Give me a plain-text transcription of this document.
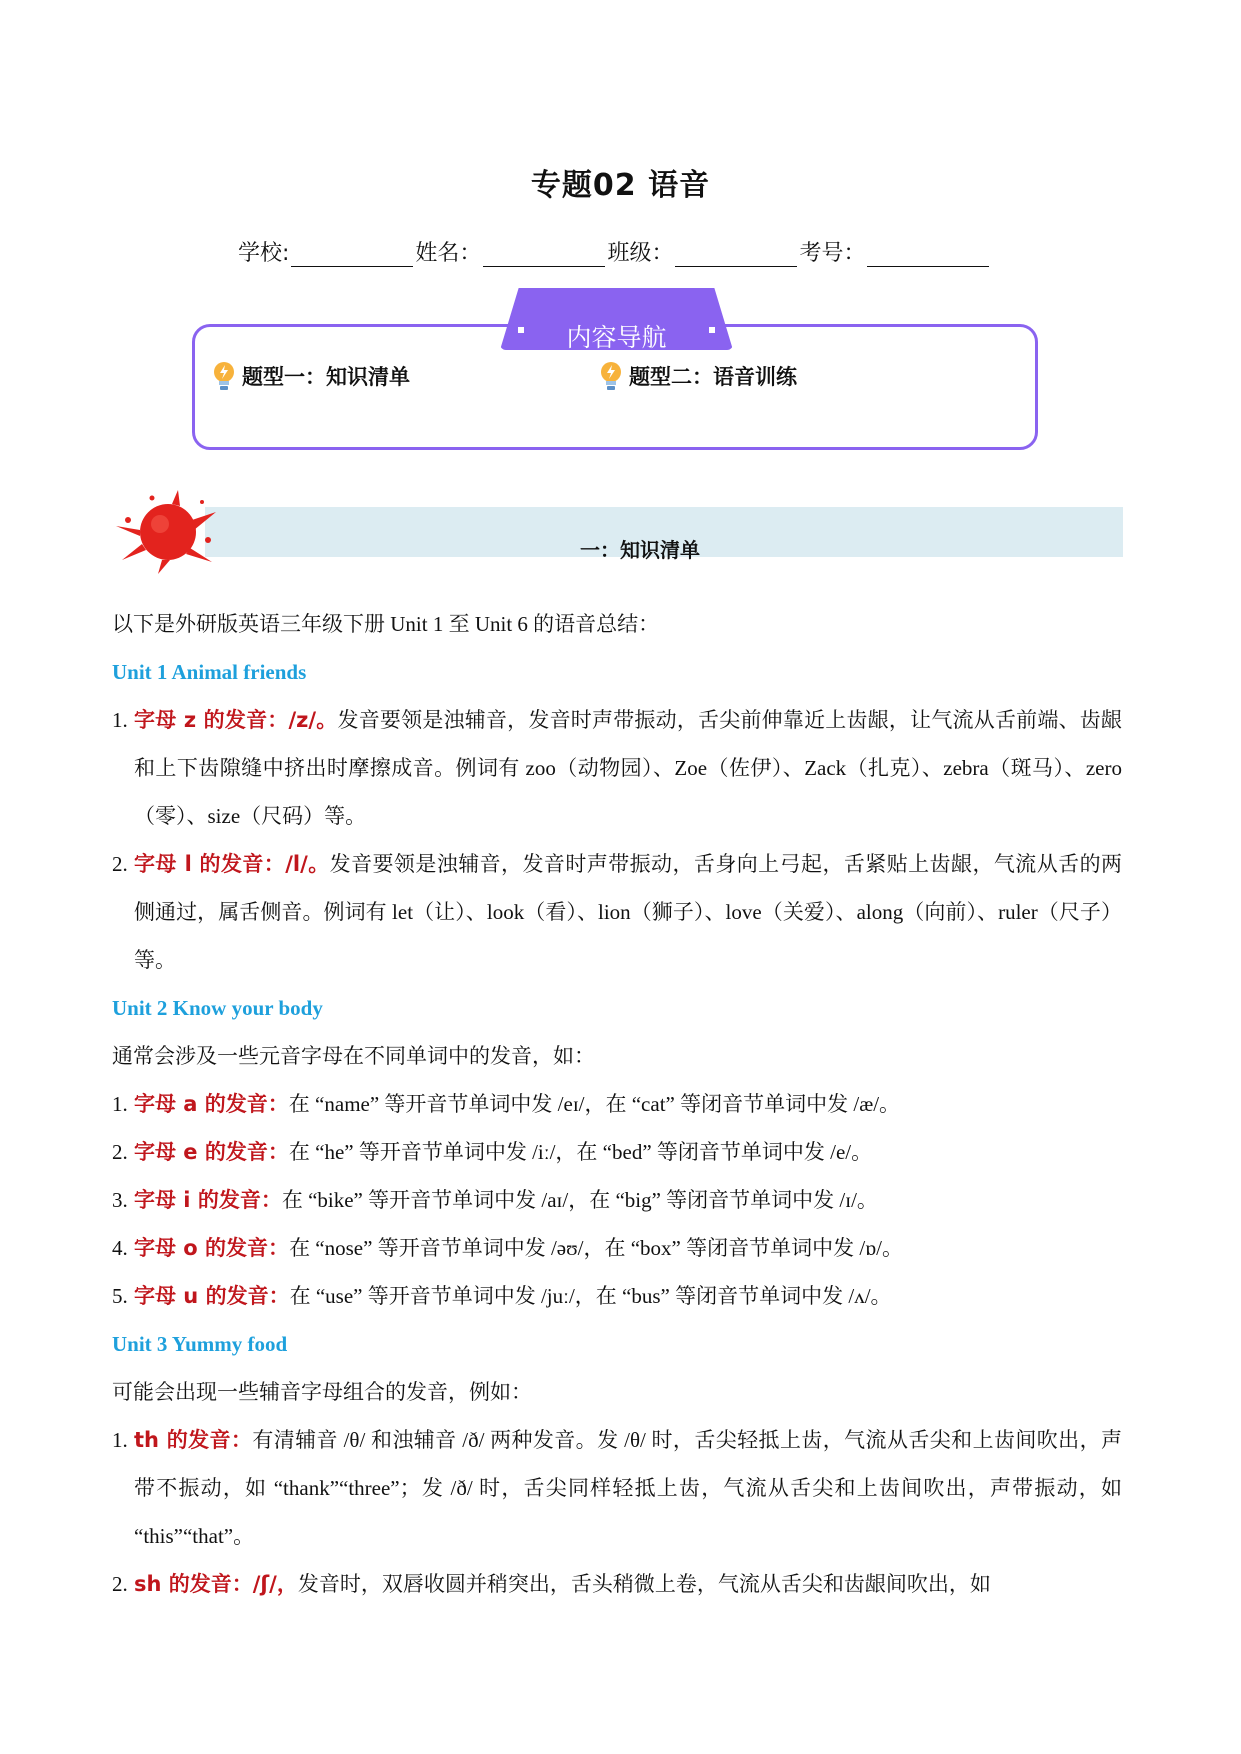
专题02 语音
学校:	姓名：	班级：	考号：
内容导航
题型一：知识清单	题型二：语音训练
一：知识清单

以下是外研版英语三年级下册 Unit 1 至 Unit 6 的语音总结：

Unit 1 Animal friends

1. 字母 z 的发音：/z/。发音要领是浊辅音，发音时声带振动，舌尖前伸靠近上齿龈，让气流从舌前端、齿龈和上下齿隙缝中挤出时摩擦成音。例词有 zoo（动物园）、Zoe（佐伊）、Zack（扎克）、zebra（斑马）、zero（零）、size（尺码）等。
2. 字母 l 的发音：/l/。发音要领是浊辅音，发音时声带振动，舌身向上弓起，舌紧贴上齿龈，气流从舌的两侧通过，属舌侧音。例词有 let（让）、look（看）、lion（狮子）、love（关爱）、along（向前）、ruler（尺子）等。

Unit 2 Know your body

通常会涉及一些元音字母在不同单词中的发音，如：

1. 字母 a 的发音：在 “name” 等开音节单词中发 /eɪ/，在 “cat” 等闭音节单词中发 /æ/。
2. 字母 e 的发音：在 “he” 等开音节单词中发 /iː/，在 “bed” 等闭音节单词中发 /e/。
3. 字母 i 的发音：在 “bike” 等开音节单词中发 /aɪ/，在 “big” 等闭音节单词中发 /ɪ/。
4. 字母 o 的发音：在 “nose” 等开音节单词中发 /əʊ/，在 “box” 等闭音节单词中发 /ɒ/。
5. 字母 u 的发音：在 “use” 等开音节单词中发 /juː/，在 “bus” 等闭音节单词中发 /ʌ/。

Unit 3 Yummy food

可能会出现一些辅音字母组合的发音，例如：

1. th 的发音：有清辅音 /θ/ 和浊辅音 /ð/ 两种发音。发 /θ/ 时，舌尖轻抵上齿，气流从舌尖和上齿间吹出，声带不振动，如 “thank”“three”；发 /ð/ 时，舌尖同样轻抵上齿，气流从舌尖和上齿间吹出，声带振动，如 “this”“that”。
2. sh 的发音：/ʃ/，发音时，双唇收圆并稍突出，舌头稍微上卷，气流从舌尖和齿龈间吹出，如
